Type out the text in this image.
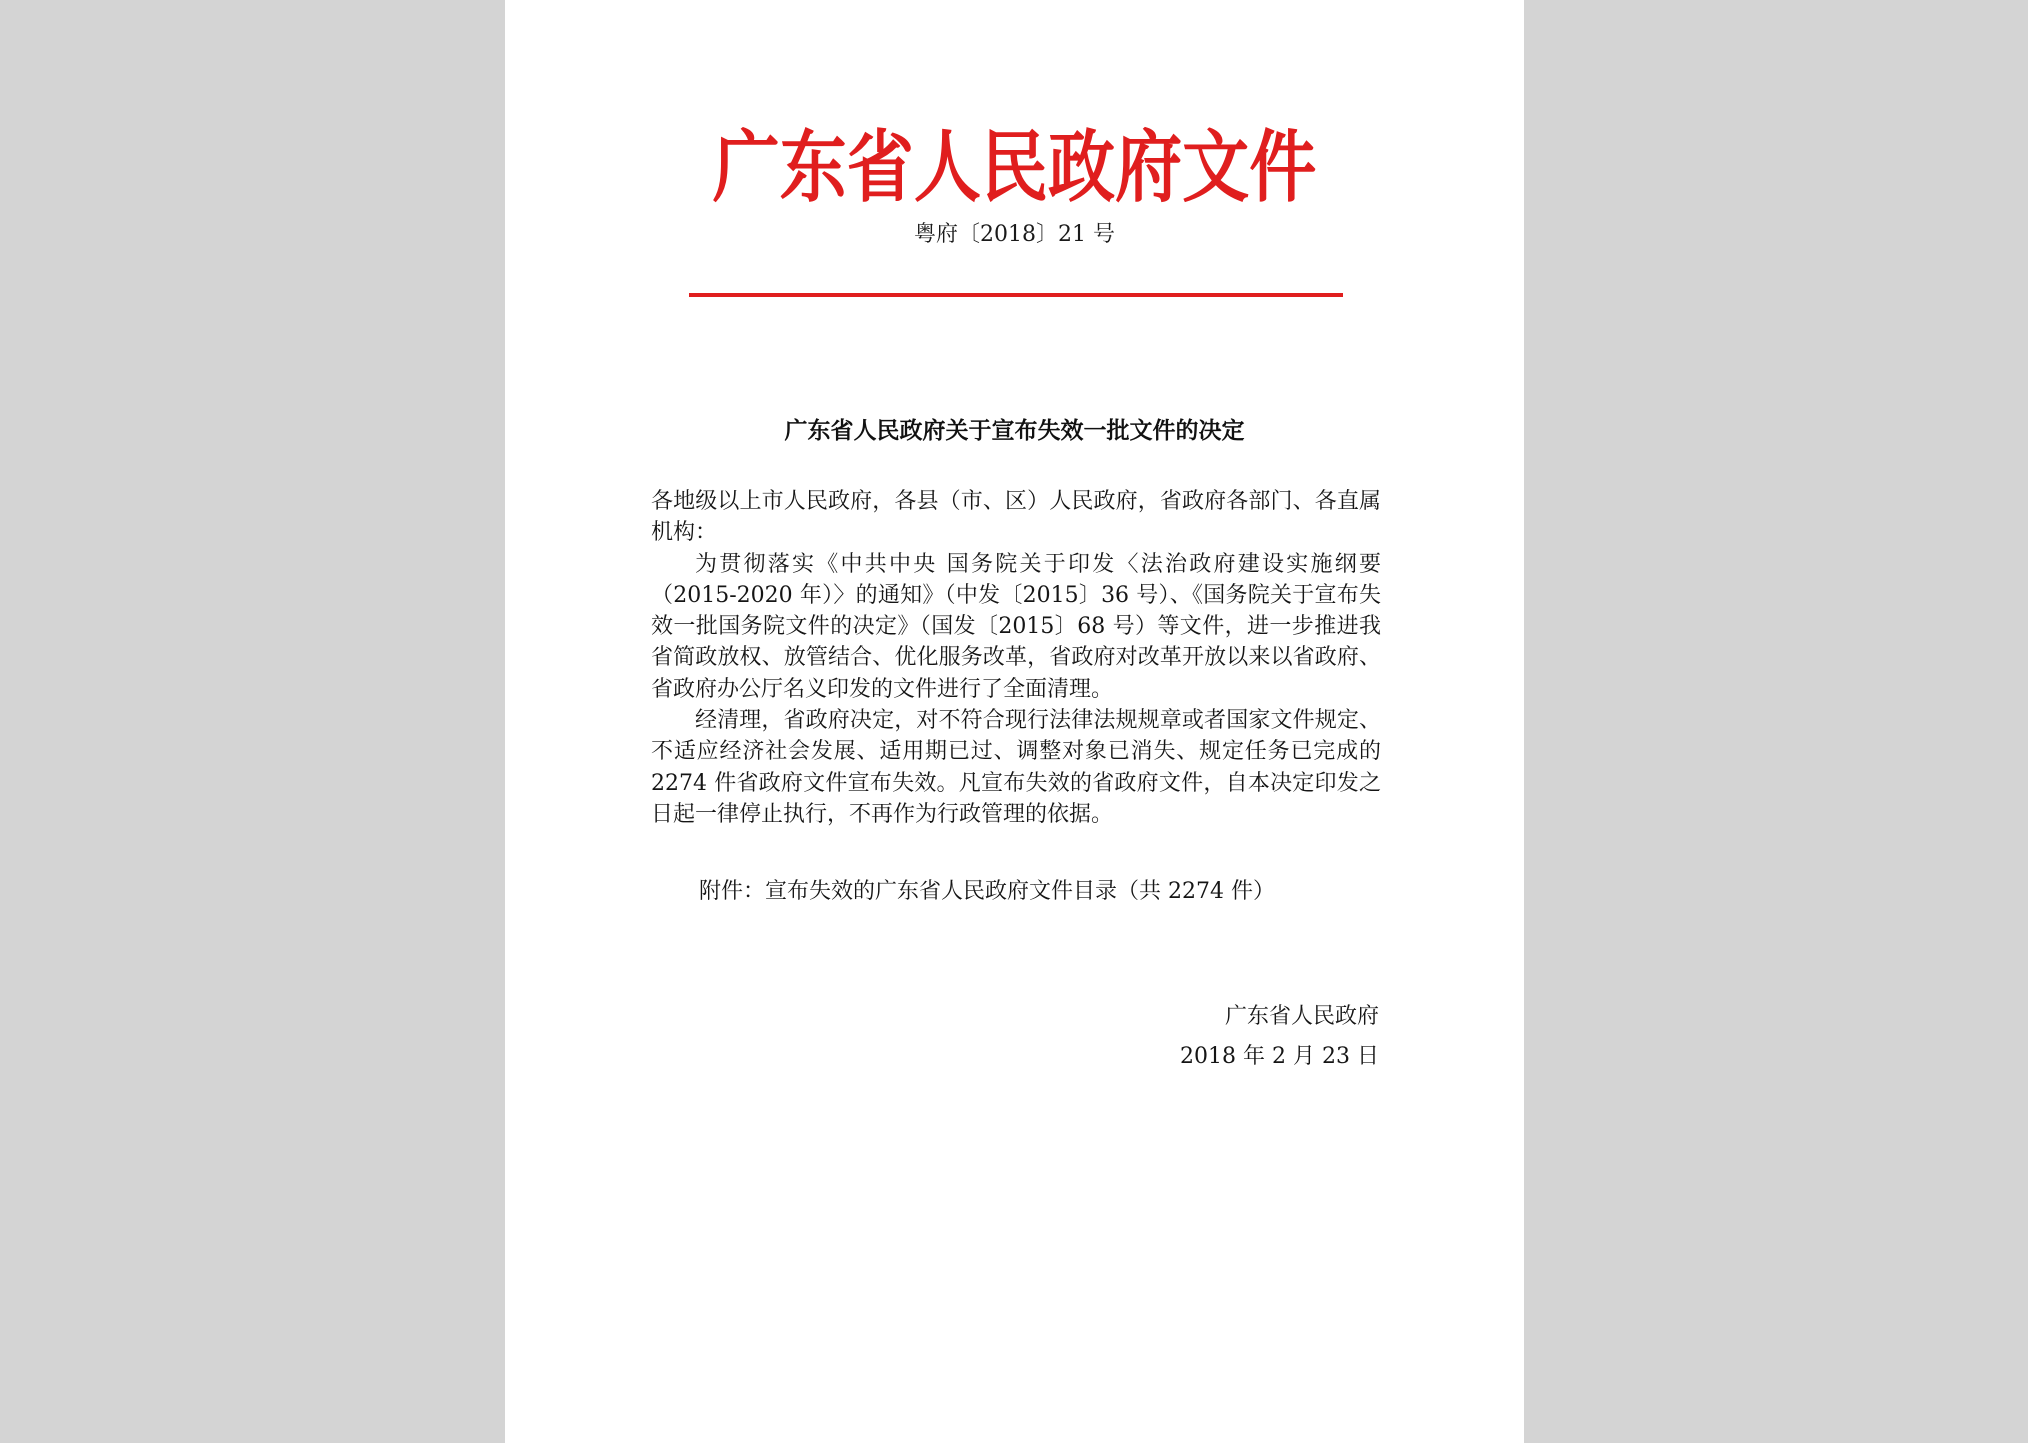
广东省人民政府文件
粤府〔2018〕21 号
广东省人民政府关于宣布失效一批文件的决定

各地级以上市人民政府，各县（市、区）人民政府，省政府各部门、各直属机构：

为贯彻落实《中共中央 国务院关于印发〈法治政府建设实施纲要（2015-2020 年）〉的通知》（中发〔2015〕36 号）、《国务院关于宣布失效一批国务院文件的决定》（国发〔2015〕68 号）等文件，进一步推进我省简政放权、放管结合、优化服务改革，省政府对改革开放以来以省政府、省政府办公厅名义印发的文件进行了全面清理。

经清理，省政府决定，对不符合现行法律法规规章或者国家文件规定、不适应经济社会发展、适用期已过、调整对象已消失、规定任务已完成的 2274 件省政府文件宣布失效。凡宣布失效的省政府文件，自本决定印发之日起一律停止执行，不再作为行政管理的依据。

附件：宣布失效的广东省人民政府文件目录（共 2274 件）
广东省人民政府
2018 年 2 月 23 日
